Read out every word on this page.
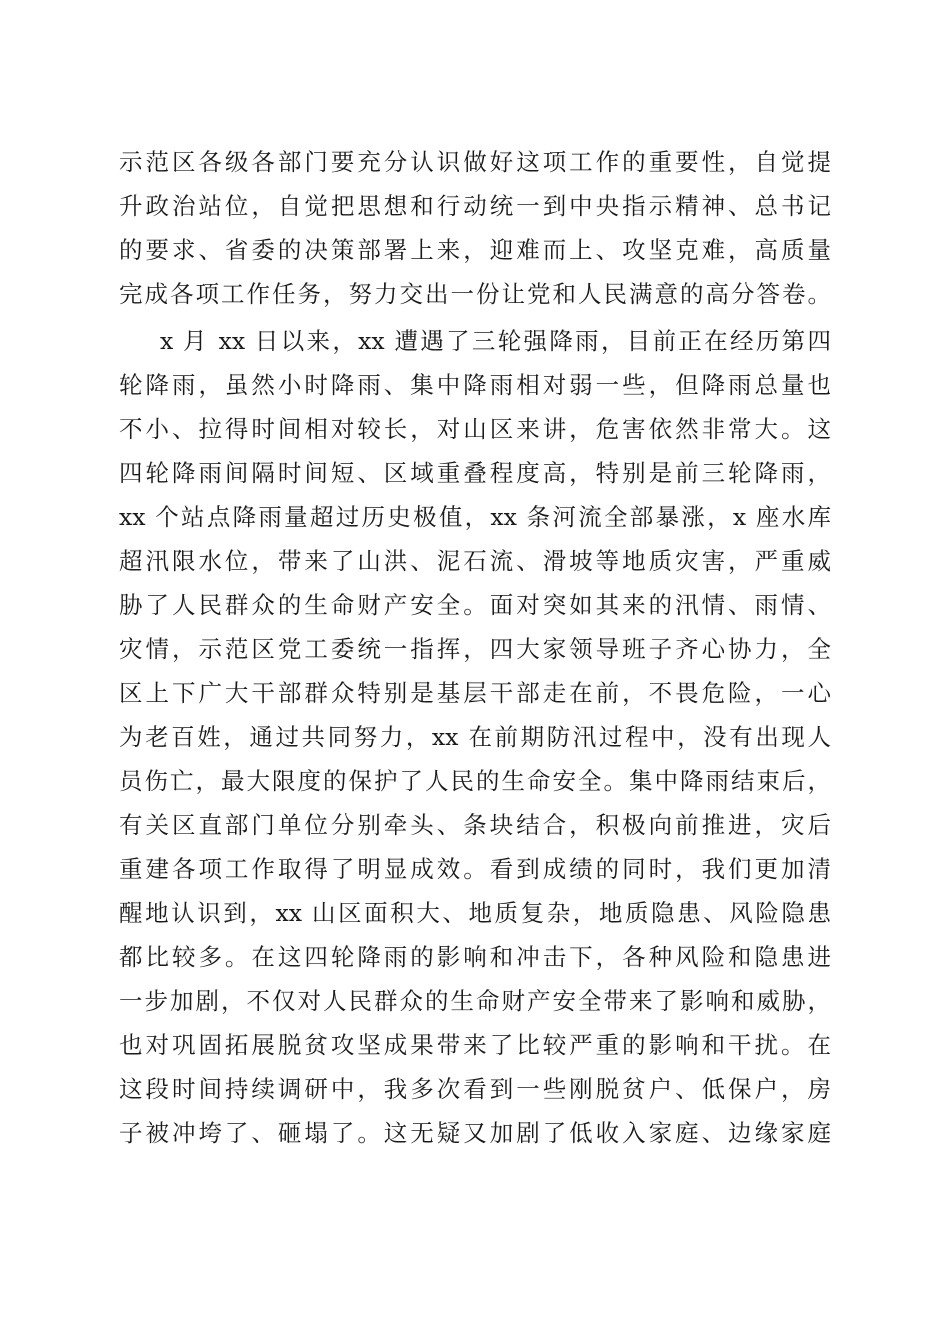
示范区各级各部门要充分认识做好这项工作的重要性，自觉提
升政治站位，自觉把思想和行动统一到中央指示精神、总书记
的要求、省委的决策部署上来，迎难而上、攻坚克难，高质量
完成各项工作任务，努力交出一份让党和人民满意的高分答卷。
x 月 xx 日以来，xx 遭遇了三轮强降雨，目前正在经历第四
轮降雨，虽然小时降雨、集中降雨相对弱一些，但降雨总量也
不小、拉得时间相对较长，对山区来讲，危害依然非常大。这
四轮降雨间隔时间短、区域重叠程度高，特别是前三轮降雨，
xx 个站点降雨量超过历史极值，xx 条河流全部暴涨，x 座水库
超汛限水位，带来了山洪、泥石流、滑坡等地质灾害，严重威
胁了人民群众的生命财产安全。面对突如其来的汛情、雨情、
灾情，示范区党工委统一指挥，四大家领导班子齐心协力，全
区上下广大干部群众特别是基层干部走在前，不畏危险，一心
为老百姓，通过共同努力，xx 在前期防汛过程中，没有出现人
员伤亡，最大限度的保护了人民的生命安全。集中降雨结束后，
有关区直部门单位分别牵头、条块结合，积极向前推进，灾后
重建各项工作取得了明显成效。看到成绩的同时，我们更加清
醒地认识到，xx 山区面积大、地质复杂，地质隐患、风险隐患
都比较多。在这四轮降雨的影响和冲击下，各种风险和隐患进
一步加剧，不仅对人民群众的生命财产安全带来了影响和威胁，
也对巩固拓展脱贫攻坚成果带来了比较严重的影响和干扰。在
这段时间持续调研中，我多次看到一些刚脱贫户、低保户，房
子被冲垮了、砸塌了。这无疑又加剧了低收入家庭、边缘家庭
